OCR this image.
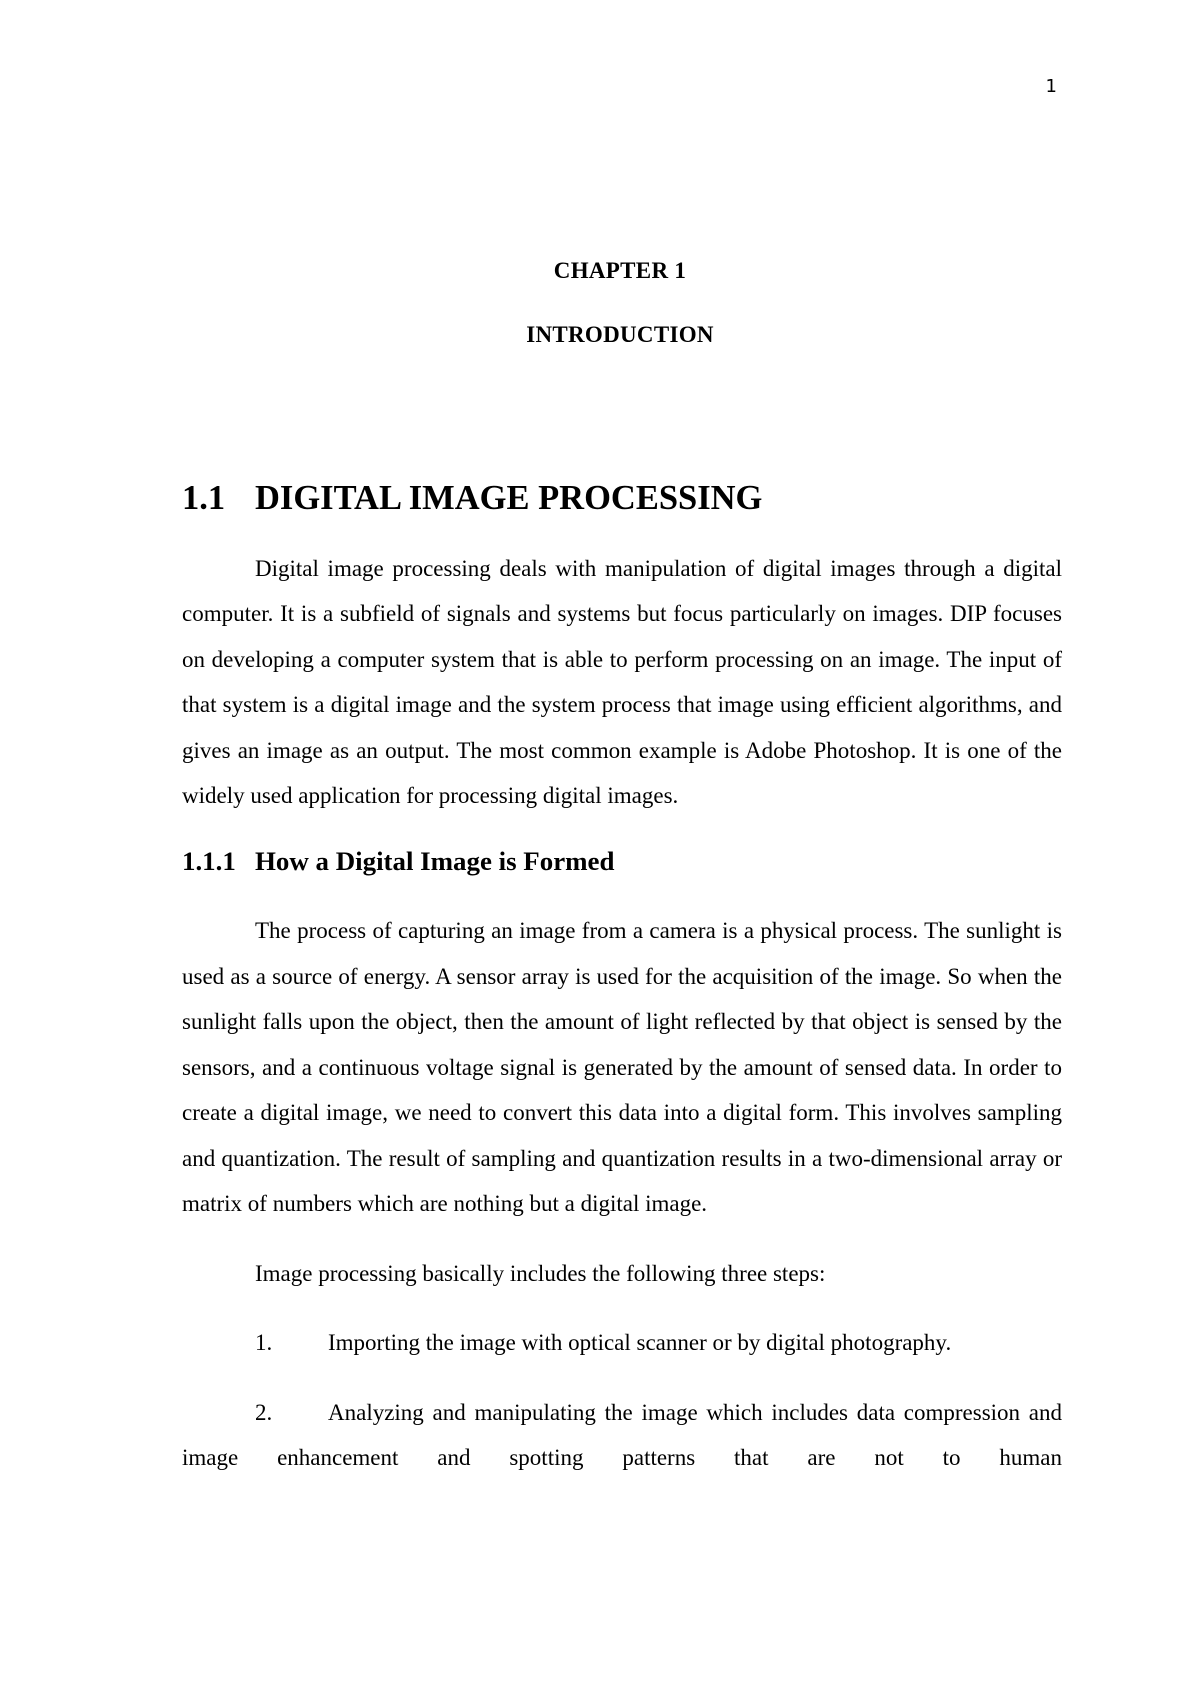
1
CHAPTER 1
INTRODUCTION
1.1 DIGITAL IMAGE PROCESSING

Digital image processing deals with manipulation of digital images through a digital computer. It is a subfield of signals and systems but focus particularly on images. DIP focuses on developing a computer system that is able to perform processing on an image. The input of that system is a digital image and the system process that image using efficient algorithms, and gives an image as an output. The most common example is Adobe Photoshop. It is one of the widely used application for processing digital images.

1.1.1 How a Digital Image is Formed

The process of capturing an image from a camera is a physical process. The sunlight is used as a source of energy. A sensor array is used for the acquisition of the image. So when the sunlight falls upon the object, then the amount of light reflected by that object is sensed by the sensors, and a continuous voltage signal is generated by the amount of sensed data. In order to create a digital image, we need to convert this data into a digital form. This involves sampling and quantization. The result of sampling and quantization results in a two-dimensional array or matrix of numbers which are nothing but a digital image.

Image processing basically includes the following three steps:

1. Importing the image with optical scanner or by digital photography.

2. Analyzing and manipulating the image which includes data compression and image enhancement and spotting patterns that are not to human
